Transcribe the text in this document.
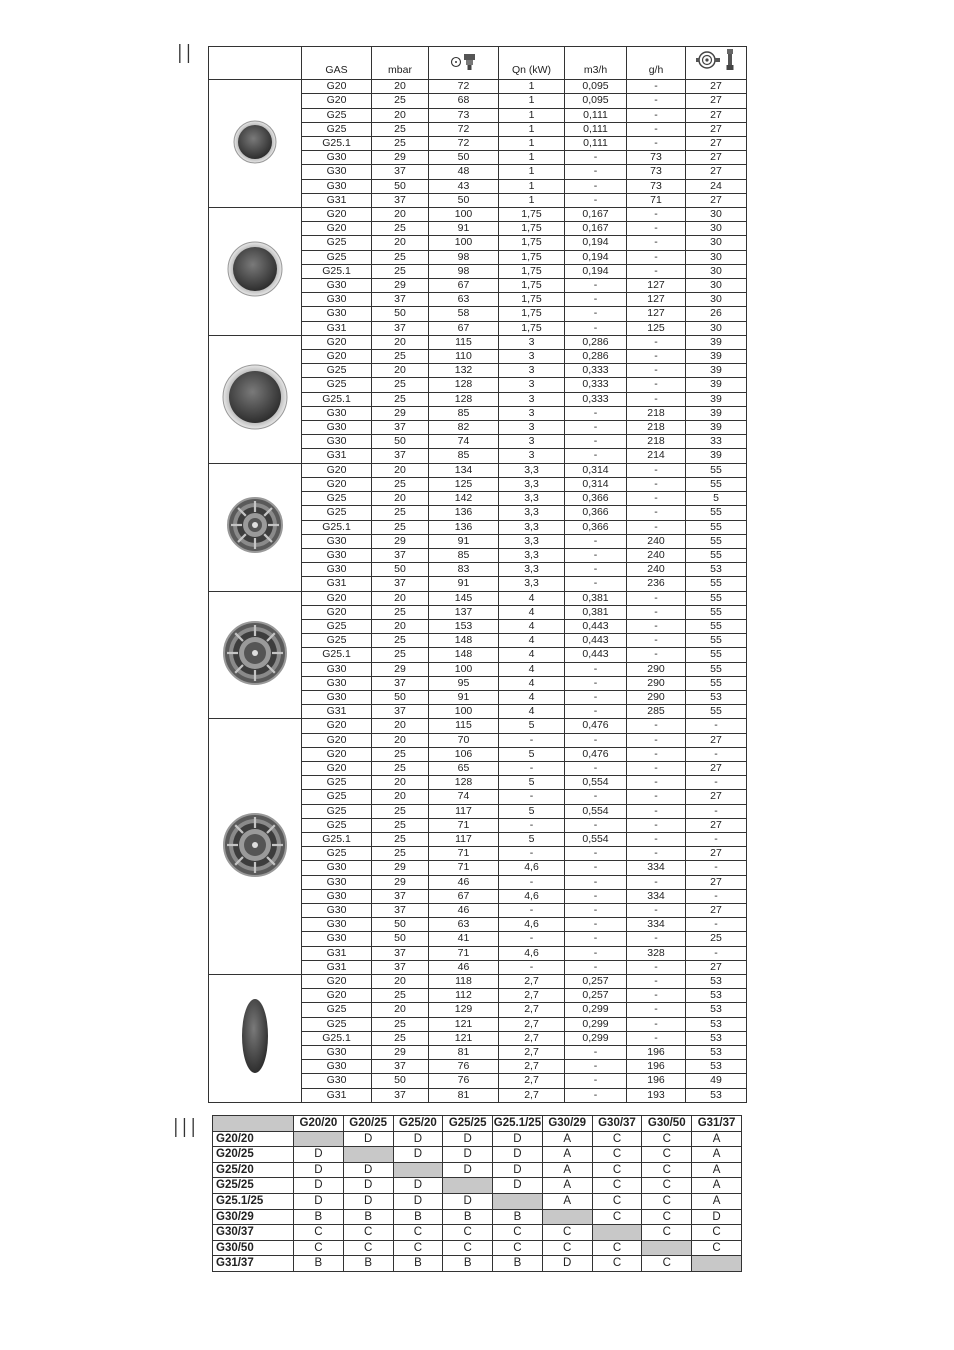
II
III
	GAS	mbar		Qn (kW)	m3/h	g/h	
	G20	20	72	1	0,095	-	27
	G20	25	68	1	0,095	-	27
	G25	20	73	1	0,111	-	27
	G25	25	72	1	0,111	-	27
	G25.1	25	72	1	0,111	-	27
	G30	29	50	1	-	73	27
	G30	37	48	1	-	73	27
	G30	50	43	1	-	73	24
	G31	37	50	1	-	71	27
	G20	20	100	1,75	0,167	-	30
	G20	25	91	1,75	0,167	-	30
	G25	20	100	1,75	0,194	-	30
	G25	25	98	1,75	0,194	-	30
	G25.1	25	98	1,75	0,194	-	30
	G30	29	67	1,75	-	127	30
	G30	37	63	1,75	-	127	30
	G30	50	58	1,75	-	127	26
	G31	37	67	1,75	-	125	30
	G20	20	115	3	0,286	-	39
	G20	25	110	3	0,286	-	39
	G25	20	132	3	0,333	-	39
	G25	25	128	3	0,333	-	39
	G25.1	25	128	3	0,333	-	39
	G30	29	85	3	-	218	39
	G30	37	82	3	-	218	39
	G30	50	74	3	-	218	33
	G31	37	85	3	-	214	39
	G20	20	134	3,3	0,314	-	55
	G20	25	125	3,3	0,314	-	55
	G25	20	142	3,3	0,366	-	5
	G25	25	136	3,3	0,366	-	55
	G25.1	25	136	3,3	0,366	-	55
	G30	29	91	3,3	-	240	55
	G30	37	85	3,3	-	240	55
	G30	50	83	3,3	-	240	53
	G31	37	91	3,3	-	236	55
	G20	20	145	4	0,381	-	55
	G20	25	137	4	0,381	-	55
	G25	20	153	4	0,443	-	55
	G25	25	148	4	0,443	-	55
	G25.1	25	148	4	0,443	-	55
	G30	29	100	4	-	290	55
	G30	37	95	4	-	290	55
	G30	50	91	4	-	290	53
	G31	37	100	4	-	285	55
	G20	20	115	5	0,476	-	-
	G20	20	70	-	-	-	27
	G20	25	106	5	0,476	-	-
	G20	25	65	-	-	-	27
	G25	20	128	5	0,554	-	-
	G25	20	74	-	-	-	27
	G25	25	117	5	0,554	-	-
	G25	25	71	-	-	-	27
	G25.1	25	117	5	0,554	-	-
	G25	25	71	-	-	-	27
	G30	29	71	4,6	-	334	-
	G30	29	46	-	-	-	27
	G30	37	67	4,6	-	334	-
	G30	37	46	-	-	-	27
	G30	50	63	4,6	-	334	-
	G30	50	41	-	-	-	25
	G31	37	71	4,6	-	328	-
	G31	37	46	-	-	-	27
	G20	20	118	2,7	0,257	-	53
	G20	25	112	2,7	0,257	-	53
	G25	20	129	2,7	0,299	-	53
	G25	25	121	2,7	0,299	-	53
	G25.1	25	121	2,7	0,299	-	53
	G30	29	81	2,7	-	196	53
	G30	37	76	2,7	-	196	53
	G30	50	76	2,7	-	196	49
	G31	37	81	2,7	-	193	53
	G20/20	G20/25	G25/20	G25/25	G25.1/25	G30/29	G30/37	G30/50	G31/37
G20/20		D	D	D	D	A	C	C	A
G20/25	D		D	D	D	A	C	C	A
G25/20	D	D		D	D	A	C	C	A
G25/25	D	D	D		D	A	C	C	A
G25.1/25	D	D	D	D		A	C	C	A
G30/29	B	B	B	B	B		C	C	D
G30/37	C	C	C	C	C	C		C	C
G30/50	C	C	C	C	C	C	C		C
G31/37	B	B	B	B	B	D	C	C	
